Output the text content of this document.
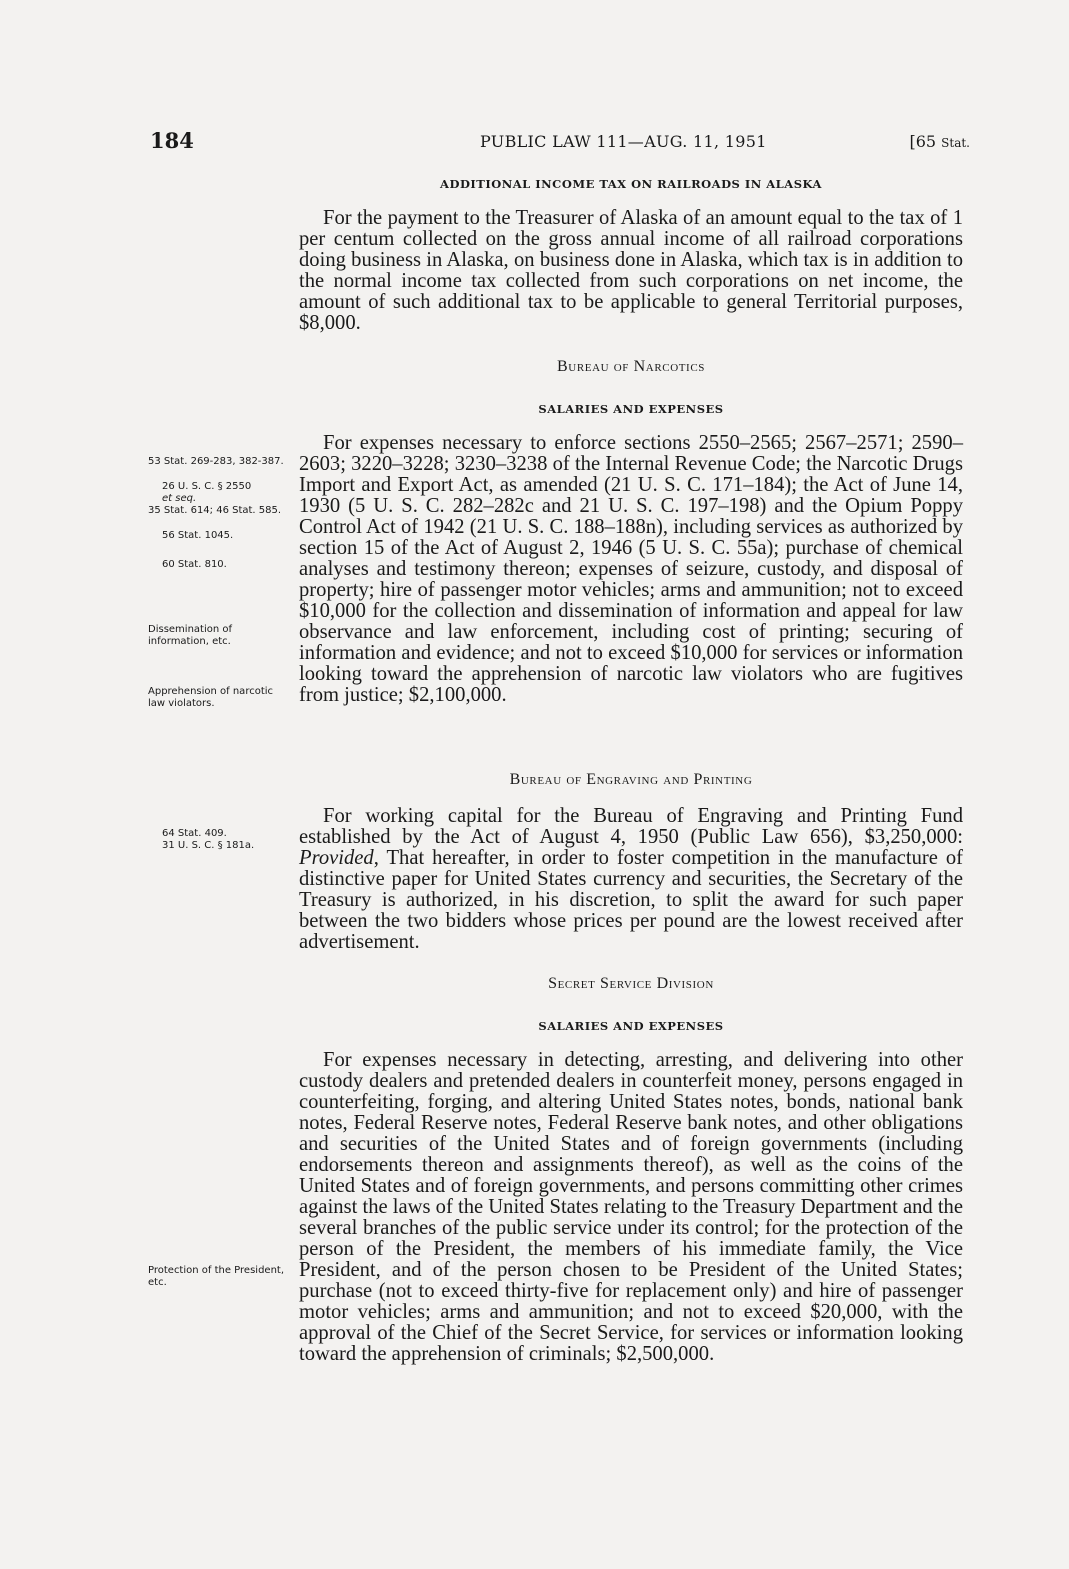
184	PUBLIC LAW 111—AUG. 11, 1951	[65 Stat.
ADDITIONAL INCOME TAX ON RAILROADS IN ALASKA

For the payment to the Treasurer of Alaska of an amount equal to the tax of 1 per centum collected on the gross annual income of all railroad corporations doing business in Alaska, on business done in Alaska, which tax is in addition to the normal income tax collected from such corporations on net income, the amount of such additional tax to be applicable to general Territorial purposes, $8,000.

Bureau of Narcotics
SALARIES AND EXPENSES

For expenses necessary to enforce sections 2550–2565; 2567–2571; 2590–2603; 3220–3228; 3230–3238 of the Internal Revenue Code; the Narcotic Drugs Import and Export Act, as amended (21 U. S. C. 171–184); the Act of June 14, 1930 (5 U. S. C. 282–282c and 21 U. S. C. 197–198) and the Opium Poppy Control Act of 1942 (21 U. S. C. 188–188n), including services as authorized by section 15 of the Act of August 2, 1946 (5 U. S. C. 55a); purchase of chemical analyses and testimony thereon; expenses of seizure, custody, and disposal of property; hire of passenger motor vehicles; arms and ammunition; not to exceed $10,000 for the collection and dissemination of information and appeal for law observance and law enforcement, including cost of printing; securing of information and evidence; and not to exceed $10,000 for services or information looking toward the apprehension of narcotic law violators who are fugitives from justice; $2,100,000.

Bureau of Engraving and Printing

For working capital for the Bureau of Engraving and Printing Fund established by the Act of August 4, 1950 (Public Law 656), $3,250,000: Provided, That hereafter, in order to foster competition in the manufacture of distinctive paper for United States currency and securities, the Secretary of the Treasury is authorized, in his discretion, to split the award for such paper between the two bidders whose prices per pound are the lowest received after advertisement.

Secret Service Division
SALARIES AND EXPENSES

For expenses necessary in detecting, arresting, and delivering into other custody dealers and pretended dealers in counterfeit money, persons engaged in counterfeiting, forging, and altering United States notes, bonds, national bank notes, Federal Reserve notes, Federal Reserve bank notes, and other obligations and securities of the United States and of foreign governments (including endorsements thereon and assignments thereof), as well as the coins of the United States and of foreign governments, and persons committing other crimes against the laws of the United States relating to the Treasury Department and the several branches of the public service under its control; for the protection of the person of the President, the members of his immediate family, the Vice President, and of the person chosen to be President of the United States; purchase (not to exceed thirty-five for replacement only) and hire of passenger motor vehicles; arms and ammunition; and not to exceed $20,000, with the approval of the Chief of the Secret Service, for services or information looking toward the apprehension of criminals; $2,500,000.

53 Stat. 269-283, 382-387.
26 U. S. C. § 2550
et seq.
35 Stat. 614; 46 Stat. 585.
56 Stat. 1045.
60 Stat. 810.
Dissemination of information, etc.
Apprehension of narcotic law violators.
64 Stat. 409.
31 U. S. C. § 181a.
Protection of the President, etc.
